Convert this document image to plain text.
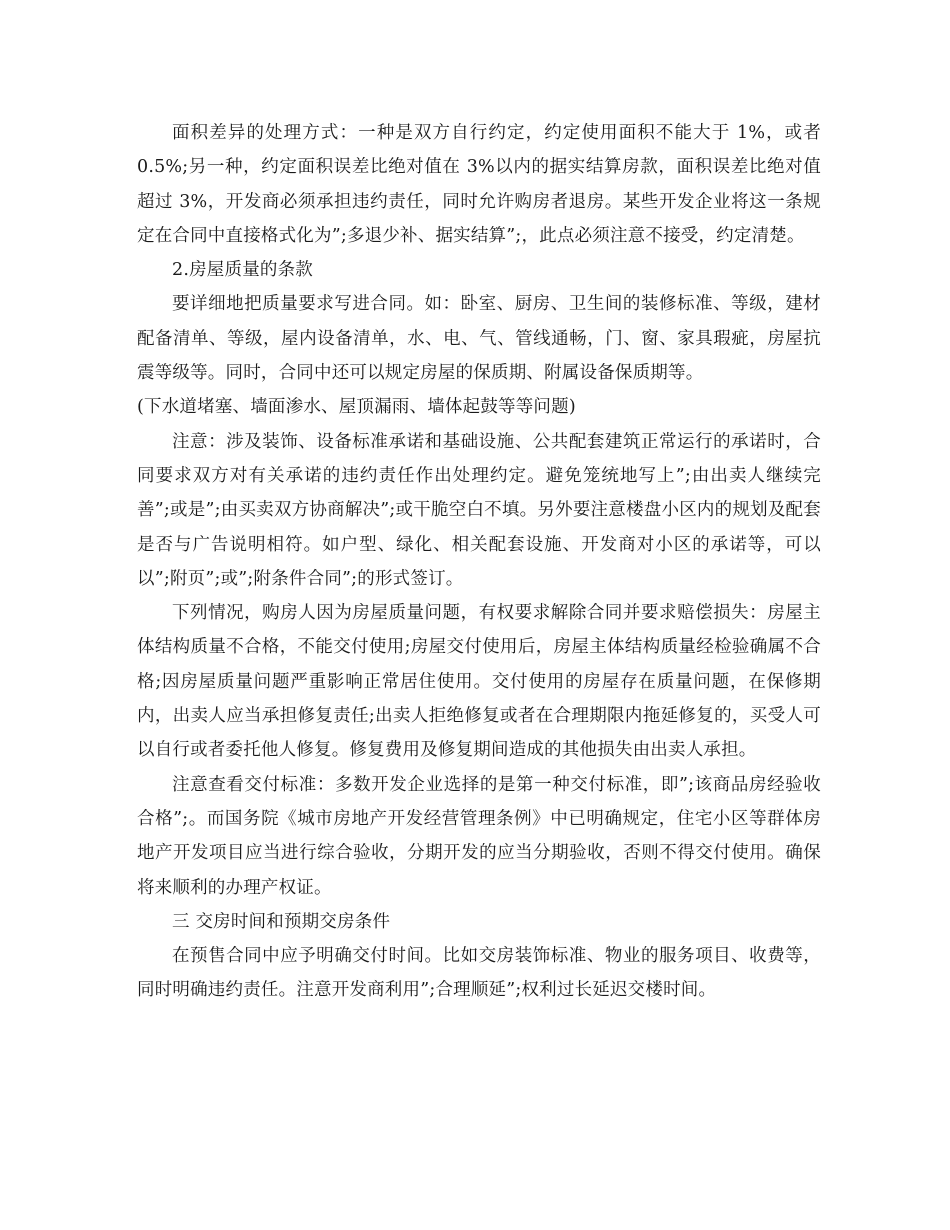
面积差异的处理方式：一种是双方自行约定，约定使用面积不能大于 1%，或者 0.5%;另一种，约定面积误差比绝对值在 3%以内的据实结算房款，面积误差比绝对值超过 3%，开发商必须承担违约责任，同时允许购房者退房。某些开发企业将这一条规定在合同中直接格式化为”;多退少补、据实结算”;，此点必须注意不接受，约定清楚。

2.房屋质量的条款

要详细地把质量要求写进合同。如：卧室、厨房、卫生间的装修标准、等级，建材配备清单、等级，屋内设备清单，水、电、气、管线通畅，门、窗、家具瑕疵，房屋抗震等级等。同时，合同中还可以规定房屋的保质期、附属设备保质期等。

(下水道堵塞、墙面渗水、屋顶漏雨、墙体起鼓等等问题)

注意：涉及装饰、设备标准承诺和基础设施、公共配套建筑正常运行的承诺时，合同要求双方对有关承诺的违约责任作出处理约定。避免笼统地写上”;由出卖人继续完善”;或是”;由买卖双方协商解决”;或干脆空白不填。另外要注意楼盘小区内的规划及配套是否与广告说明相符。如户型、绿化、相关配套设施、开发商对小区的承诺等，可以以”;附页”;或”;附条件合同”;的形式签订。

下列情况，购房人因为房屋质量问题，有权要求解除合同并要求赔偿损失：房屋主体结构质量不合格，不能交付使用;房屋交付使用后，房屋主体结构质量经检验确属不合格;因房屋质量问题严重影响正常居住使用。交付使用的房屋存在质量问题，在保修期内，出卖人应当承担修复责任;出卖人拒绝修复或者在合理期限内拖延修复的，买受人可以自行或者委托他人修复。修复费用及修复期间造成的其他损失由出卖人承担。

注意查看交付标准：多数开发企业选择的是第一种交付标准，即”;该商品房经验收合格”;。而国务院《城市房地产开发经营管理条例》中已明确规定，住宅小区等群体房地产开发项目应当进行综合验收，分期开发的应当分期验收，否则不得交付使用。确保将来顺利的办理产权证。

三 交房时间和预期交房条件

在预售合同中应予明确交付时间。比如交房装饰标准、物业的服务项目、收费等，同时明确违约责任。注意开发商利用”;合理顺延”;权利过长延迟交楼时间。
